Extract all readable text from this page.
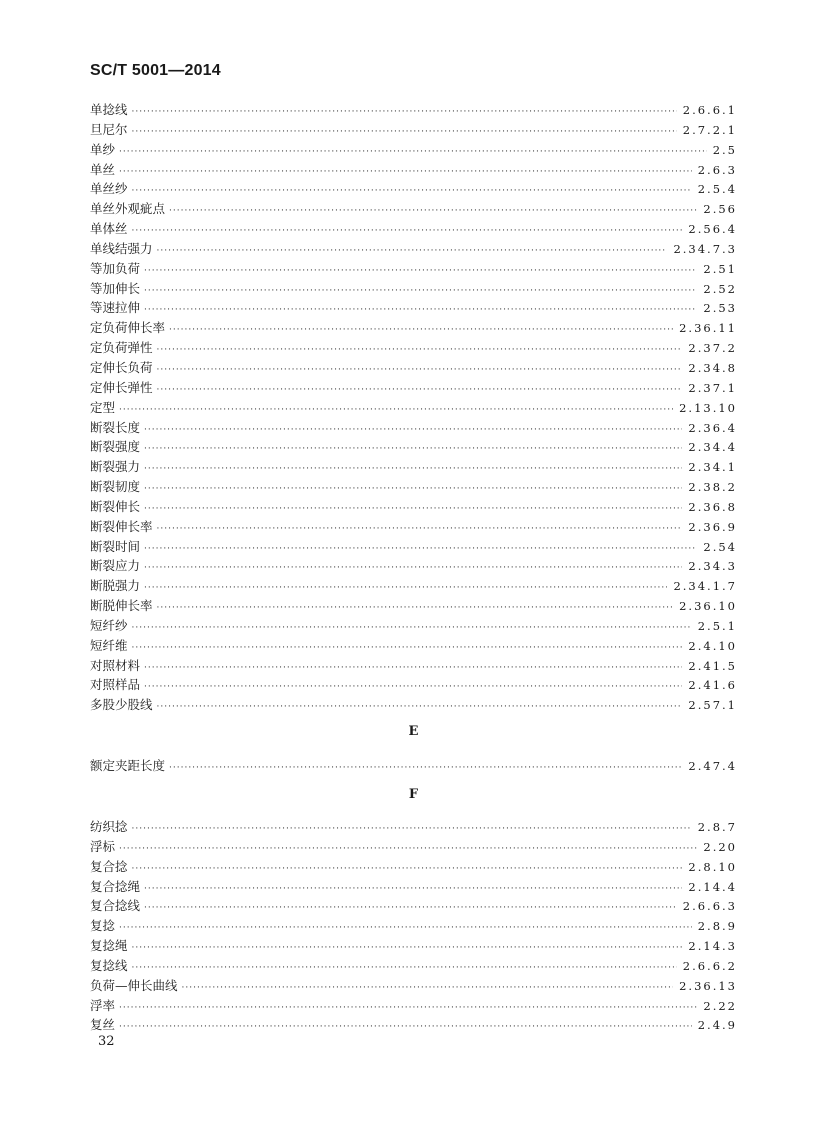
SC/T 5001—2014
单捻线 ·····	2.6.6.1
旦尼尔 ·····	2.7.2.1
单纱 ·····	2.5
单丝 ·····	2.6.3
单丝纱 ·····	2.5.4
单丝外观疵点 ·····	2.56
单体丝 ·····	2.56.4
单线结强力 ·····	2.34.7.3
等加负荷 ·····	2.51
等加伸长 ·····	2.52
等速拉伸 ·····	2.53
定负荷伸长率 ·····	2.36.11
定负荷弹性 ·····	2.37.2
定伸长负荷 ·····	2.34.8
定伸长弹性 ·····	2.37.1
定型 ·····	2.13.10
断裂长度 ·····	2.36.4
断裂强度 ·····	2.34.4
断裂强力 ·····	2.34.1
断裂韧度 ·····	2.38.2
断裂伸长 ·····	2.36.8
断裂伸长率 ·····	2.36.9
断裂时间 ·····	2.54
断裂应力 ·····	2.34.3
断脱强力 ·····	2.34.1.7
断脱伸长率 ·····	2.36.10
短纤纱 ·····	2.5.1
短纤维 ·····	2.4.10
对照材料 ·····	2.41.5
对照样品 ·····	2.41.6
多股少股线 ·····	2.57.1
E
额定夹距长度 ·····	2.47.4
F
纺织捻 ·····	2.8.7
浮标 ·····	2.20
复合捻 ·····	2.8.10
复合捻绳 ·····	2.14.4
复合捻线 ·····	2.6.6.3
复捻 ·····	2.8.9
复捻绳 ·····	2.14.3
复捻线 ·····	2.6.6.2
负荷—伸长曲线 ·····	2.36.13
浮率 ·····	2.22
复丝 ·····	2.4.9
32
